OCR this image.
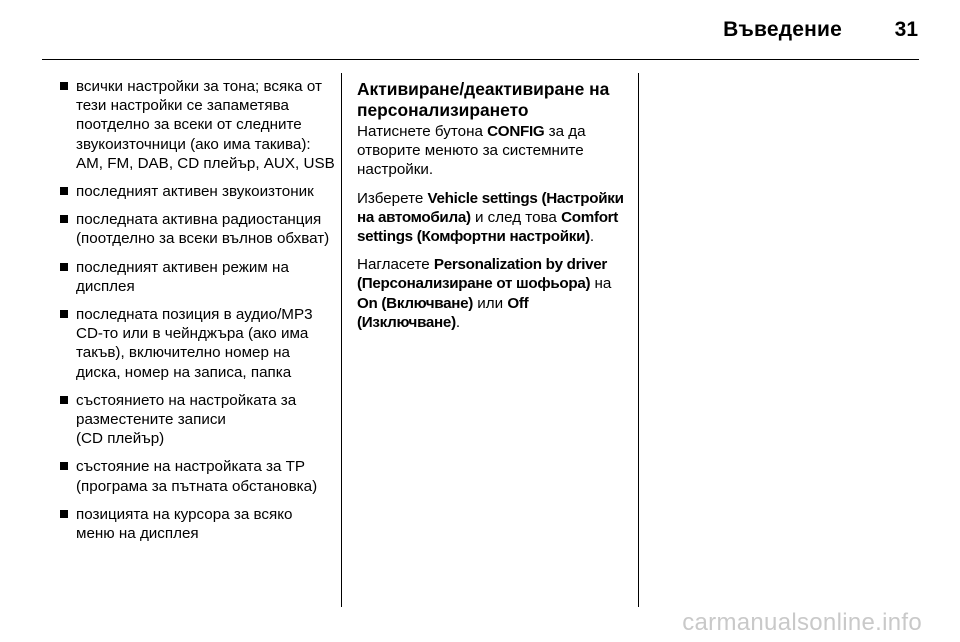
Въведение	31
всички настройки за тона; всяка от тези настройки се запаметява поотделно за всеки от следните звукоизточници (ако има такива): AM, FM, DAB, CD плейър, AUX, USB
последният активен звукоизтоник
последната активна радиостанция (поотделно за всеки вълнов обхват)
последният активен режим на дисплея
последната позиция в аудио/MP3 CD-то или в чейнджъра (ако има такъв), включително номер на диска, номер на записа, папка
състоянието на настройката за разместените записи
(CD плейър)
състояние на настройката за TP (програма за пътната обстановка)
позицията на курсора за всяко меню на дисплея
Активиране/деактивиране на персонализирането

Натиснете бутона CONFIG за да отворите менюто за системните настройки.

Изберете Vehicle settings (Настройки на автомобила) и след това Comfort settings (Комфортни настройки).

Нагласете Personalization by driver (Персонализиране от шофьора) на On (Включване) или Off (Изключване).

carmanualsonline.info
